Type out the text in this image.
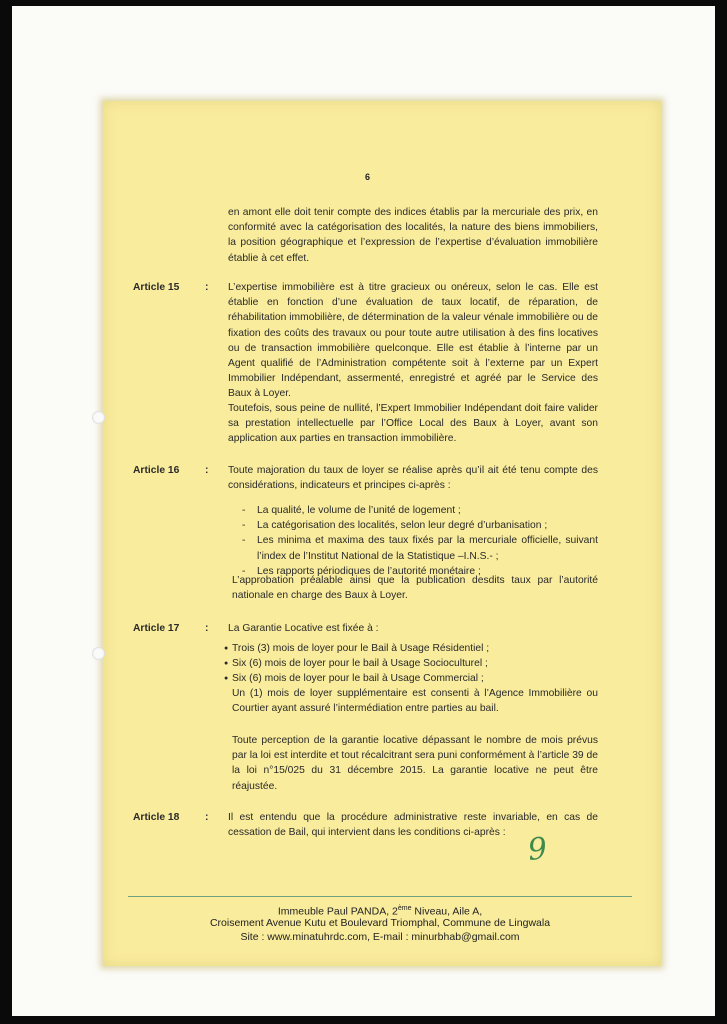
6
en amont elle doit tenir compte des indices établis par la mercuriale des prix, en conformité avec la catégorisation des localités, la nature des biens immobiliers, la position géographique et l’expression de l’expertise d’évaluation immobilière établie à cet effet.
Article 15 : L’expertise immobilière est à titre gracieux ou onéreux, selon le cas. Elle est établie en fonction d’une évaluation de taux locatif, de réparation, de réhabilitation immobilière, de détermination de la valeur vénale immobilière ou de fixation des coûts des travaux ou pour toute autre utilisation à des fins locatives ou de transaction immobilière quelconque. Elle est établie à l’interne par un Agent qualifié de l’Administration compétente soit à l’externe par un Expert Immobilier Indépendant, assermenté, enregistré et agréé par le Service des Baux à Loyer.
Toutefois, sous peine de nullité, l’Expert Immobilier Indépendant doit faire valider sa prestation intellectuelle par l’Office Local des Baux à Loyer, avant son application aux parties en transaction immobilière.
Article 16 : Toute majoration du taux de loyer se réalise après qu’il ait été tenu compte des considérations, indicateurs et principes ci-après :
- La qualité, le volume de l’unité de logement ;
- La catégorisation des localités, selon leur degré d’urbanisation ;
- Les minima et maxima des taux fixés par la mercuriale officielle, suivant l’index de l’Institut National de la Statistique –I.N.S.- ;
- Les rapports périodiques de l’autorité monétaire ;
L’approbation préalable ainsi que la publication desdits taux par l’autorité nationale en charge des Baux à Loyer.
Article 17 : La Garantie Locative est fixée à :
● Trois (3) mois de loyer pour le Bail à Usage Résidentiel ;
● Six (6) mois de loyer pour le bail à Usage Socioculturel ;
● Six (6) mois de loyer pour le bail à Usage Commercial ;
Un (1) mois de loyer supplémentaire est consenti à l’Agence Immobilière ou Courtier ayant assuré l’intermédiation entre parties au bail.
Toute perception de la garantie locative dépassant le nombre de mois prévus par la loi est interdite et tout récalcitrant sera puni conformément à l’article 39 de la loi n°15/025 du 31 décembre 2015. La garantie locative ne peut être réajustée.
Article 18 : Il est entendu que la procédure administrative reste invariable, en cas de cessation de Bail, qui intervient dans les conditions ci-après : 9
Immeuble Paul PANDA, 2ème Niveau, Aile A,
Croisement Avenue Kutu et Boulevard Triomphal, Commune de Lingwala
Site : www.minatuhrdc.com, E-mail : minurbhab@gmail.com
